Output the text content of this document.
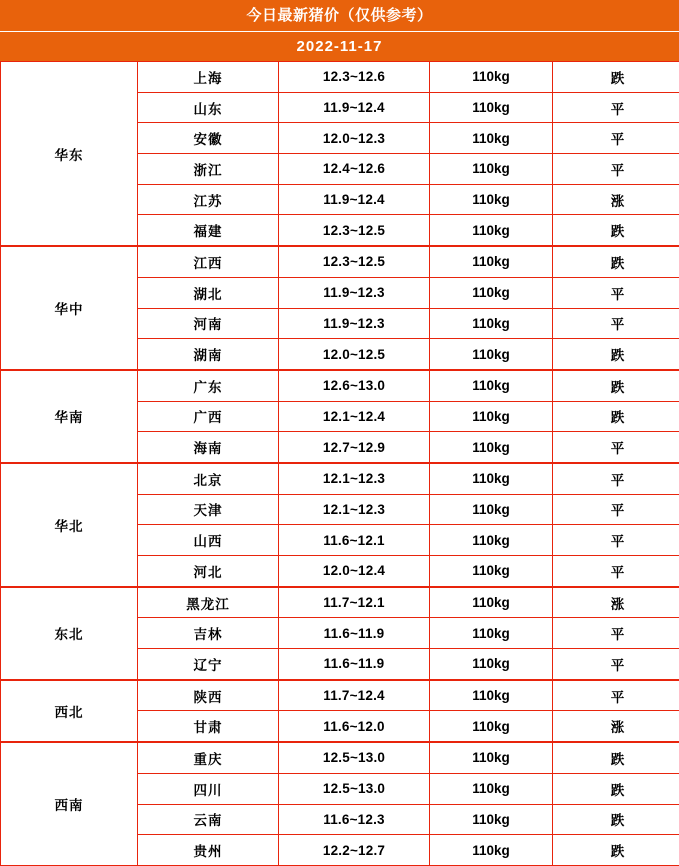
今日最新猪价（仅供参考）
2022-11-17
华东	上海	12.3~12.6	110kg	跌
	山东	11.9~12.4	110kg	平
	安徽	12.0~12.3	110kg	平
	浙江	12.4~12.6	110kg	平
	江苏	11.9~12.4	110kg	涨
	福建	12.3~12.5	110kg	跌
华中	江西	12.3~12.5	110kg	跌
	湖北	11.9~12.3	110kg	平
	河南	11.9~12.3	110kg	平
	湖南	12.0~12.5	110kg	跌
华南	广东	12.6~13.0	110kg	跌
	广西	12.1~12.4	110kg	跌
	海南	12.7~12.9	110kg	平
华北	北京	12.1~12.3	110kg	平
	天津	12.1~12.3	110kg	平
	山西	11.6~12.1	110kg	平
	河北	12.0~12.4	110kg	平
东北	黑龙江	11.7~12.1	110kg	涨
	吉林	11.6~11.9	110kg	平
	辽宁	11.6~11.9	110kg	平
西北	陕西	11.7~12.4	110kg	平
	甘肃	11.6~12.0	110kg	涨
西南	重庆	12.5~13.0	110kg	跌
	四川	12.5~13.0	110kg	跌
	云南	11.6~12.3	110kg	跌
	贵州	12.2~12.7	110kg	跌
